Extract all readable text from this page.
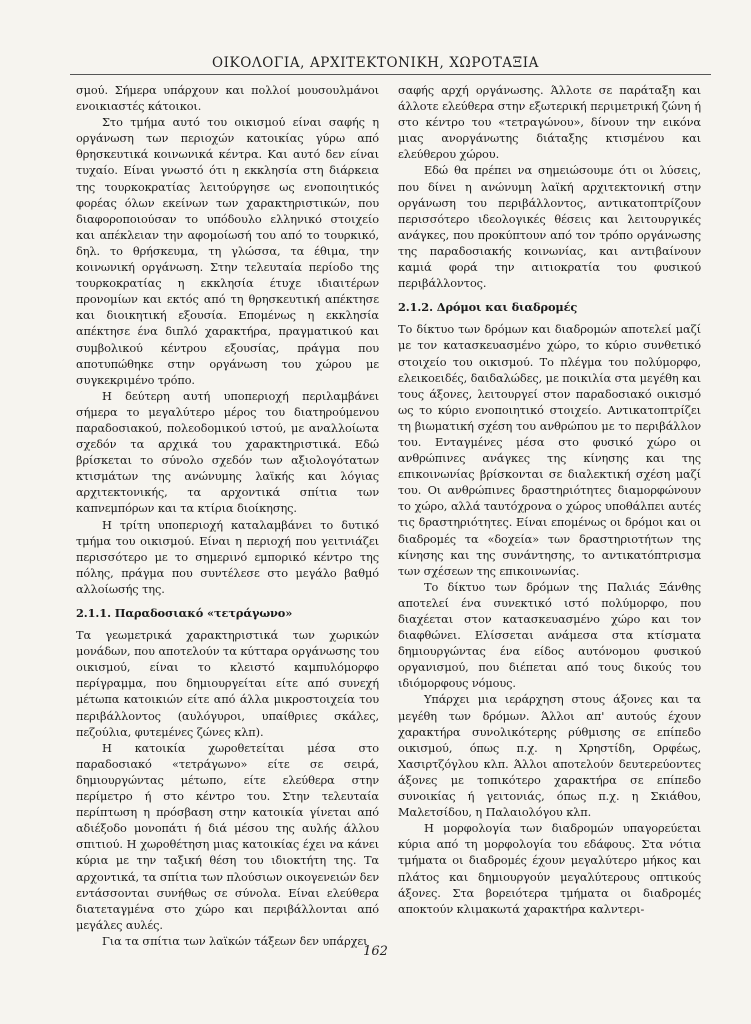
ΟΙΚΟΛΟΓΙΑ, ΑΡΧΙΤΕΚΤΟΝΙΚΗ, ΧΩΡΟΤΑΞΙΑ

σμού. Σήμερα υπάρχουν και πολλοί μουσουλμάνοι ενοικιαστές κάτοικοι.

Στο τμήμα αυτό του οικισμού είναι σαφής η οργάνωση των περιοχών κατοικίας γύρω από θρησκευτικά κοινωνικά κέντρα. Και αυτό δεν είναι τυχαίο. Είναι γνωστό ότι η εκκλησία στη διάρκεια της τουρκοκρατίας λειτούργησε ως ενοποιητικός φορέας όλων εκείνων των χαρακτηριστικών, που διαφοροποιούσαν το υπόδουλο ελληνικό στοιχείο και απέκλειαν την αφομοίωσή του από το τουρκικό, δηλ. το θρήσκευμα, τη γλώσσα, τα έθιμα, την κοινωνική οργάνωση. Στην τελευταία περίοδο της τουρκοκρατίας η εκκλησία έτυχε ιδιαιτέρων προνομίων και εκτός από τη θρησκευτική απέκτησε και διοικητική εξουσία. Επομένως η εκκλησία απέκτησε ένα διπλό χαρακτήρα, πραγματικού και συμβολικού κέντρου εξουσίας, πράγμα που αποτυπώθηκε στην οργάνωση του χώρου με συγκεκριμένο τρόπο.

Η δεύτερη αυτή υποπεριοχή περιλαμβάνει σήμερα το μεγαλύτερο μέρος του διατηρούμενου παραδοσιακού, πολεοδομικού ιστού, με αναλλοίωτα σχεδόν τα αρχικά του χαρακτηριστικά. Εδώ βρίσκεται το σύνολο σχεδόν των αξιολογότατων κτισμάτων της ανώνυμης λαϊκής και λόγιας αρχιτεκτονικής, τα αρχοντικά σπίτια των καπνεμπόρων και τα κτίρια διοίκησης.

Η τρίτη υποπεριοχή καταλαμβάνει το δυτικό τμήμα του οικισμού. Είναι η περιοχή που γειτνιάζει περισσότερο με το σημερινό εμπορικό κέντρο της πόλης, πράγμα που συντέλεσε στο μεγάλο βαθμό αλλοίωσής της.

2.1.1. Παραδοσιακό «τετράγωνο»

Τα γεωμετρικά χαρακτηριστικά των χωρικών μονάδων, που αποτελούν τα κύτταρα οργάνωσης του οικισμού, είναι το κλειστό καμπυλόμορφο περίγραμμα, που δημιουργείται είτε από συνεχή μέτωπα κατοικιών είτε από άλλα μικροστοιχεία του περιβάλλοντος (αυλόγυροι, υπαίθριες σκάλες, πεζούλια, φυτεμένες ζώνες κλπ).

Η κατοικία χωροθετείται μέσα στο παραδοσιακό «τετράγωνο» είτε σε σειρά, δημιουργώντας μέτωπο, είτε ελεύθερα στην περίμετρο ή στο κέντρο του. Στην τελευταία περίπτωση η πρόσβαση στην κατοικία γίνεται από αδιέξοδο μονοπάτι ή διά μέσου της αυλής άλλου σπιτιού. Η χωροθέτηση μιας κατοικίας έχει να κάνει κύρια με την ταξική θέση του ιδιοκτήτη της. Τα αρχοντικά, τα σπίτια των πλούσιων οικογενειών δεν εντάσσονται συνήθως σε σύνολα. Είναι ελεύθερα διατεταγμένα στο χώρο και περιβάλλονται από μεγάλες αυλές.

Για τα σπίτια των λαϊκών τάξεων δεν υπάρχει

σαφής αρχή οργάνωσης. Άλλοτε σε παράταξη και άλλοτε ελεύθερα στην εξωτερική περιμετρική ζώνη ή στο κέντρο του «τετραγώνου», δίνουν την εικόνα μιας ανοργάνωτης διάταξης κτισμένου και ελεύθερου χώρου.

Εδώ θα πρέπει να σημειώσουμε ότι οι λύσεις, που δίνει η ανώνυμη λαϊκή αρχιτεκτονική στην οργάνωση του περιβάλλοντος, αντικατοπτρίζουν περισσότερο ιδεολογικές θέσεις και λειτουργικές ανάγκες, που προκύπτουν από τον τρόπο οργάνωσης της παραδοσιακής κοινωνίας, και αντιβαίνουν καμιά φορά την αιτιοκρατία του φυσικού περιβάλλοντος.

2.1.2. Δρόμοι και διαδρομές

Το δίκτυο των δρόμων και διαδρομών αποτελεί μαζί με τον κατασκευασμένο χώρο, το κύριο συνθετικό στοιχείο του οικισμού. Το πλέγμα του πολύμορφο, ελεικοειδές, δαιδαλώδες, με ποικιλία στα μεγέθη και τους άξονες, λειτουργεί στον παραδοσιακό οικισμό ως το κύριο ενοποιητικό στοιχείο. Αντικατοπτρίζει τη βιωματική σχέση του ανθρώπου με το περιβάλλον του. Ενταγμένες μέσα στο φυσικό χώρο οι ανθρώπινες ανάγκες της κίνησης και της επικοινωνίας βρίσκονται σε διαλεκτική σχέση μαζί του. Οι ανθρώπινες δραστηριότητες διαμορφώνουν το χώρο, αλλά ταυτόχρονα ο χώρος υποθάλπει αυτές τις δραστηριότητες. Είναι επομένως οι δρόμοι και οι διαδρομές τα «δοχεία» των δραστηριοτήτων της κίνησης και της συνάντησης, το αντικατόπτρισμα των σχέσεων της επικοινωνίας.

Το δίκτυο των δρόμων της Παλιάς Ξάνθης αποτελεί ένα συνεκτικό ιστό πολύμορφο, που διαχέεται στον κατασκευασμένο χώρο και τον διαφθώνει. Ελίσσεται ανάμεσα στα κτίσματα δημιουργώντας ένα είδος αυτόνομου φυσικού οργανισμού, που διέπεται από τους δικούς του ιδιόμορφους νόμους.

Υπάρχει μια ιεράρχηση στους άξονες και τα μεγέθη των δρόμων. Άλλοι απ' αυτούς έχουν χαρακτήρα συνολικότερης ρύθμισης σε επίπεδο οικισμού, όπως π.χ. η Χρηστίδη, Ορφέως, Χασιρτζόγλου κλπ. Άλλοι αποτελούν δευτερεύοντες άξονες με τοπικότερο χαρακτήρα σε επίπεδο συνοικίας ή γειτονιάς, όπως π.χ. η Σκιάθου, Μαλετσίδου, η Παλαιολόγου κλπ.

Η μορφολογία των διαδρομών υπαγορεύεται κύρια από τη μορφολογία του εδάφους. Στα νότια τμήματα οι διαδρομές έχουν μεγαλύτερο μήκος και πλάτος και δημιουργούν μεγαλύτερους οπτικούς άξονες. Στα βορειότερα τμήματα οι διαδρομές αποκτούν κλιμακωτά χαρακτήρα καλντερι-

162
